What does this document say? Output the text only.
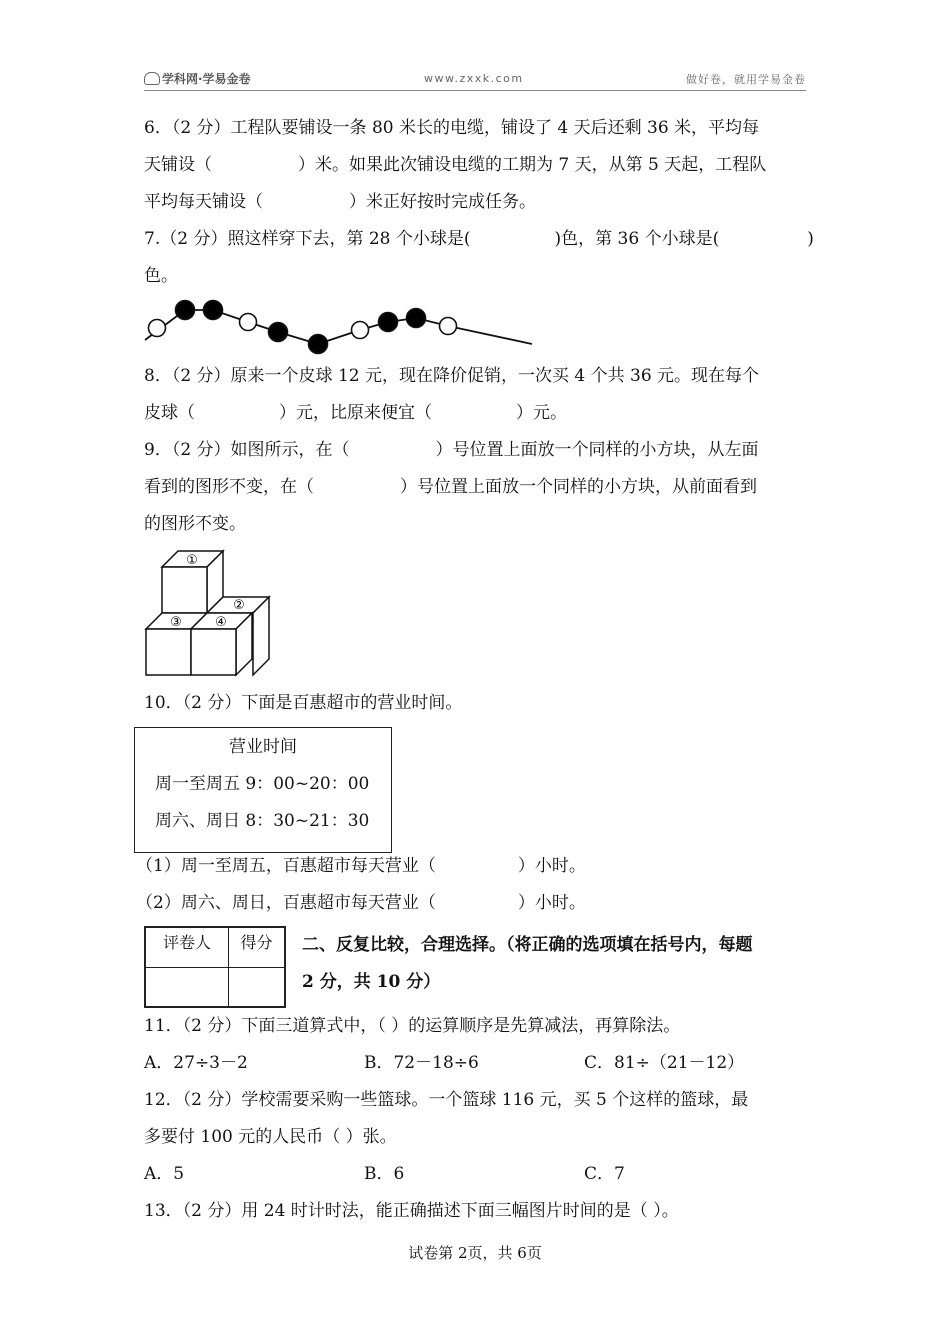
学科网·学易金卷	www.zxxk.com	做好卷，就用学易金卷
6．（2 分）工程队要铺设一条 80 米长的电缆，铺设了 4 天后还剩 36 米，平均每
天铺设（	）米。如果此次铺设电缆的工期为 7 天，从第 5 天起，工程队
平均每天铺设（	）米正好按时完成任务。
7.（2 分）照这样穿下去，第 28 个小球是(	)色，第 36 个小球是(	)
色。
8．（2 分）原来一个皮球 12 元，现在降价促销，一次买 4 个共 36 元。现在每个
皮球（	）元，比原来便宜（	）元。
9．（2 分）如图所示，在（	）号位置上面放一个同样的小方块，从左面
看到的图形不变，在（	）号位置上面放一个同样的小方块，从前面看到
的图形不变。
①
②
③	④
10．（2 分）下面是百惠超市的营业时间。
营业时间
周一至周五 9：00~20：00
周六、周日 8：30~21：30
（1）周一至周五，百惠超市每天营业（	）小时。
（2）周六、周日，百惠超市每天营业（	）小时。
评卷人	得分
	二、反复比较，合理选择。（将正确的选项填在括号内，每题
2 分，共 10 分）
11．（2 分）下面三道算式中，（ ）的运算顺序是先算减法，再算除法。
A．27÷3－2	B．72－18÷6	C．81÷（21－12）
12．（2 分）学校需要采购一些篮球。一个篮球 116 元，买 5 个这样的篮球，最
多要付 100 元的人民币（ ）张。
A．5	B．6	C．7
13．（2 分）用 24 时计时法，能正确描述下面三幅图片时间的是（ ）。
试卷第 2页，共 6页
